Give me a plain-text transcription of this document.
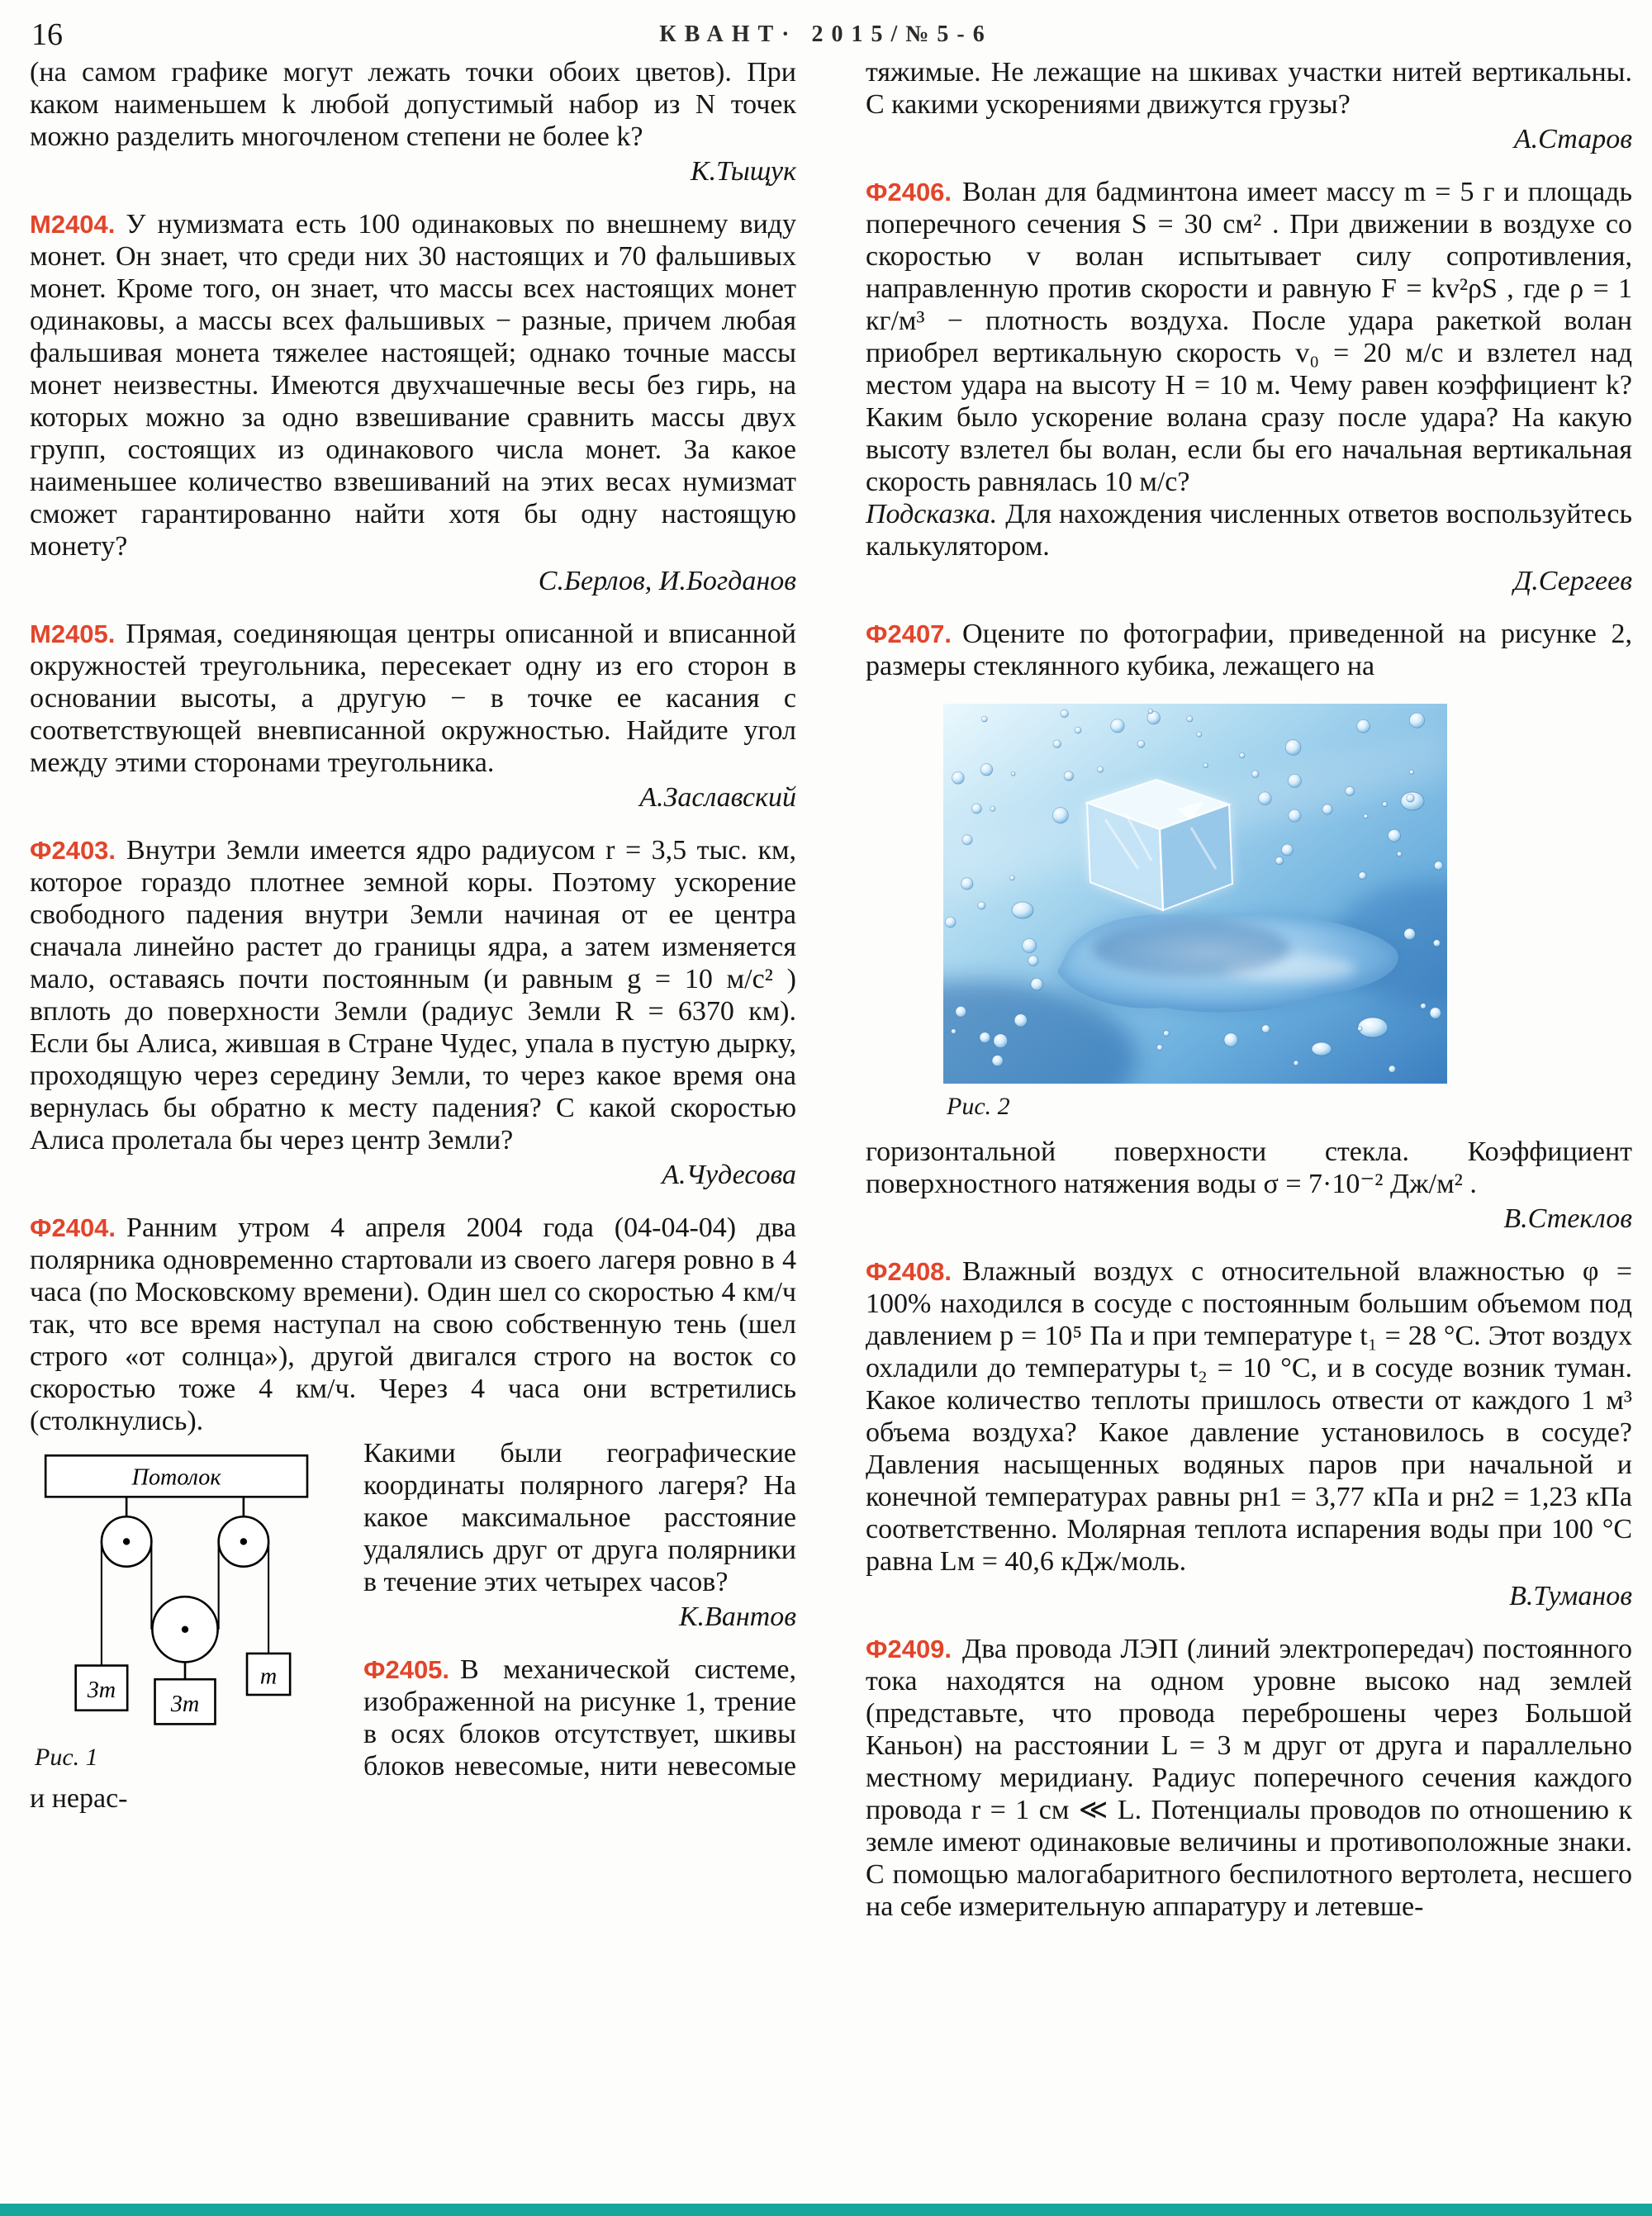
16	КВАНТ· 2015/№5-6

(на самом графике могут лежать точки обоих цветов). При каком наименьшем k любой допустимый набор из N точек можно разделить многочленом степени не более k?

К.Тыщук

М2404. У нумизмата есть 100 одинаковых по внешнему виду монет. Он знает, что среди них 30 настоящих и 70 фальшивых монет. Кроме того, он знает, что массы всех настоящих монет одинаковы, а массы всех фальшивых − разные, причем любая фальшивая монета тяжелее настоящей; однако точные массы монет неизвестны. Имеются двухчашечные весы без гирь, на которых можно за одно взвешивание сравнить массы двух групп, состоящих из одинакового числа монет. За какое наименьшее количество взвешиваний на этих весах нумизмат сможет гарантированно найти хотя бы одну настоящую монету?

С.Берлов, И.Богданов

М2405. Прямая, соединяющая центры описанной и вписанной окружностей треугольника, пересекает одну из его сторон в основании высоты, а другую − в точке ее касания с соответствующей вневписанной окружностью. Найдите угол между этими сторонами треугольника.

А.Заславский

Ф2403. Внутри Земли имеется ядро радиусом r = 3,5 тыс. км, которое гораздо плотнее земной коры. Поэтому ускорение свободного падения внутри Земли начиная от ее центра сначала линейно растет до границы ядра, а затем изменяется мало, оставаясь почти постоянным (и равным g = 10 м/с² ) вплоть до поверхности Земли (радиус Земли R = 6370 км). Если бы Алиса, жившая в Стране Чудес, упала в пустую дырку, проходящую через середину Земли, то через какое время она вернулась бы обратно к месту падения? С какой скоростью Алиса пролетала бы через центр Земли?

А.Чудесова

Ф2404. Ранним утром 4 апреля 2004 года (04-04-04) два полярника одновременно стартовали из своего лагеря ровно в 4 часа (по Московскому времени). Один шел со скоростью 4 км/ч так, что все время наступал на свою собственную тень (шел строго «от солнца»), другой двигался строго на восток со скоростью тоже 4 км/ч. Через 4 часа они встретились (столкнулись).

Потолок
3m
m
3m
Рис. 1

Какими были географические координаты полярного лагеря? На какое максимальное расстояние удалялись друг от друга полярники в течение этих четырех часов?

К.Вантов

Ф2405. В механической системе, изображенной на рисунке 1, трение в осях блоков отсутствует, шкивы блоков невесомые, нити невесомые и нерас-

тяжимые. Не лежащие на шкивах участки нитей вертикальны. С какими ускорениями движутся грузы?

А.Старов

Ф2406. Волан для бадминтона имеет массу m = 5 г и площадь поперечного сечения S = 30 см² . При движении в воздухе со скоростью v волан испытывает силу сопротивления, направленную против скорости и равную F = kv²ρS , где ρ = 1 кг/м³ − плотность воздуха. После удара ракеткой волан приобрел вертикальную скорость v₀ = 20 м/с и взлетел над местом удара на высоту H = 10 м. Чему равен коэффициент k? Каким было ускорение волана сразу после удара? На какую высоту взлетел бы волан, если бы его начальная вертикальная скорость равнялась 10 м/с?

Подсказка. Для нахождения численных ответов воспользуйтесь калькулятором.

Д.Сергеев

Ф2407. Оцените по фотографии, приведенной на рисунке 2, размеры стеклянного кубика, лежащего на

Рис. 2

горизонтальной поверхности стекла. Коэффициент поверхностного натяжения воды σ = 7·10⁻² Дж/м² .

В.Стеклов

Ф2408. Влажный воздух с относительной влажностью φ = 100% находился в сосуде с постоянным большим объемом под давлением p = 10⁵ Па и при температуре t₁ = 28 °С. Этот воздух охладили до температуры t₂ = 10 °С, и в сосуде возник туман. Какое количество теплоты пришлось отвести от каждого 1 м³ объема воздуха? Какое давление установилось в сосуде? Давления насыщенных водяных паров при начальной и конечной температурах равны pн1 = 3,77 кПа и pн2 = 1,23 кПа соответственно. Молярная теплота испарения воды при 100 °С равна Lм = 40,6 кДж/моль.

В.Туманов

Ф2409. Два провода ЛЭП (линий электропередач) постоянного тока находятся на одном уровне высоко над землей (представьте, что провода переброшены через Большой Каньон) на расстоянии L = 3 м друг от друга и параллельно местному меридиану. Радиус поперечного сечения каждого провода r = 1 см ≪ L. Потенциалы проводов по отношению к земле имеют одинаковые величины и противоположные знаки. С помощью малогабаритного беспилотного вертолета, несшего на себе измерительную аппаратуру и летевше-
